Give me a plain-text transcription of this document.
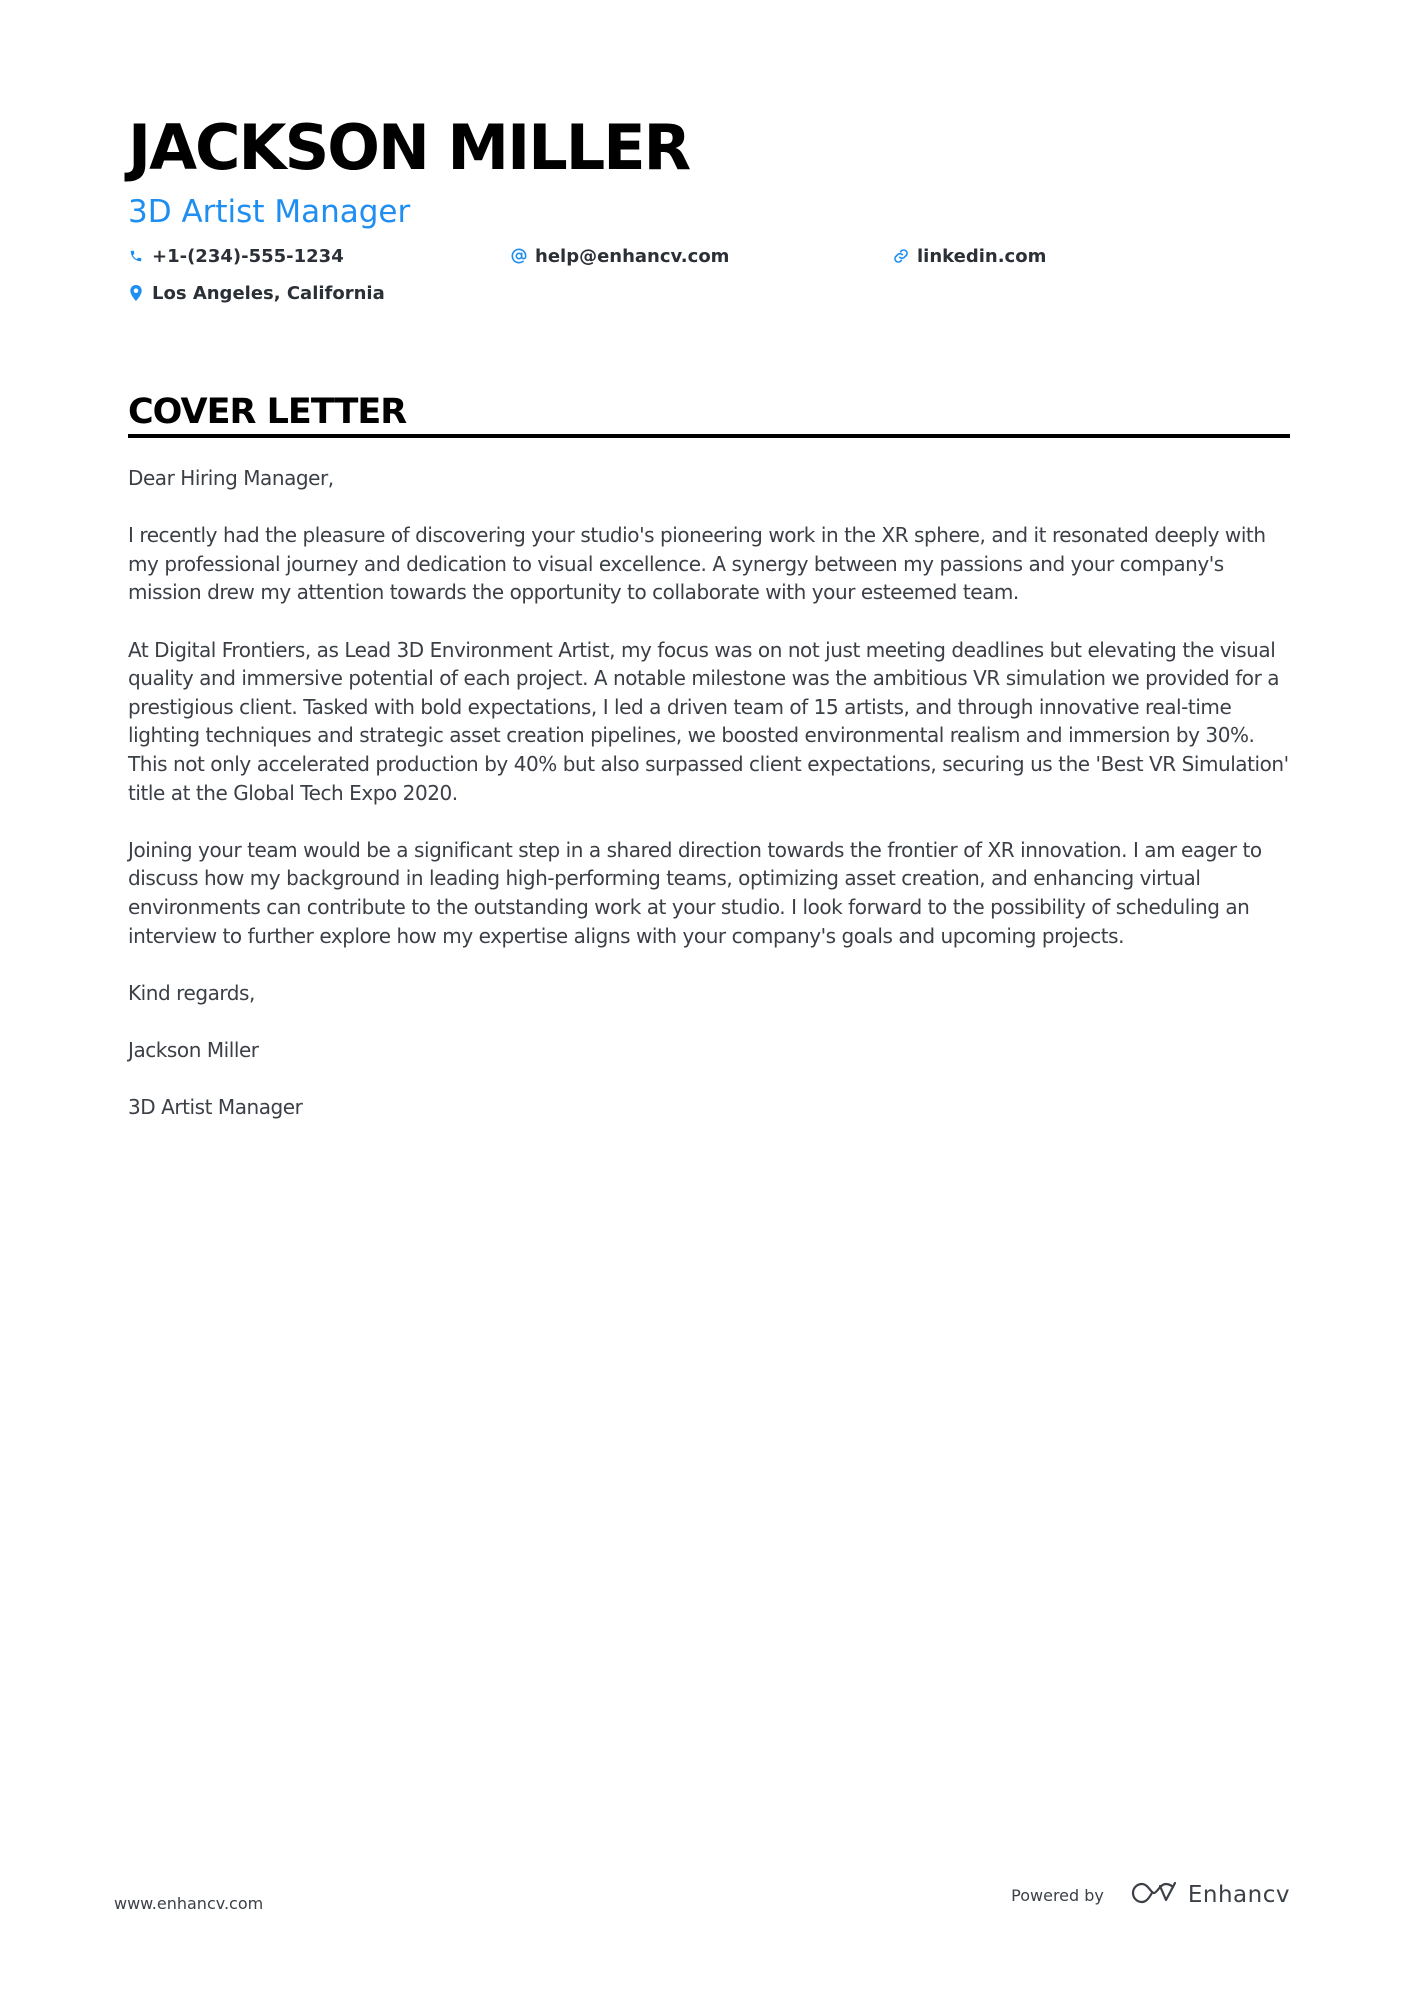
JACKSON MILLER
3D Artist Manager
+1-(234)-555-1234	help@enhancv.com	linkedin.com
Los Angeles, California
COVER LETTER

Dear Hiring Manager,

I recently had the pleasure of discovering your studio's pioneering work in the XR sphere, and it resonated deeply with my professional journey and dedication to visual excellence. A synergy between my passions and your company's mission drew my attention towards the opportunity to collaborate with your esteemed team.

At Digital Frontiers, as Lead 3D Environment Artist, my focus was on not just meeting deadlines but elevating the visual quality and immersive potential of each project. A notable milestone was the ambitious VR simulation we provided for a prestigious client. Tasked with bold expectations, I led a driven team of 15 artists, and through innovative real-time lighting techniques and strategic asset creation pipelines, we boosted environmental realism and immersion by 30%. This not only accelerated production by 40% but also surpassed client expectations, securing us the 'Best VR Simulation' title at the Global Tech Expo 2020.

Joining your team would be a significant step in a shared direction towards the frontier of XR innovation. I am eager to discuss how my background in leading high-performing teams, optimizing asset creation, and enhancing virtual environments can contribute to the outstanding work at your studio. I look forward to the possibility of scheduling an interview to further explore how my expertise aligns with your company's goals and upcoming projects.

Kind regards,

Jackson Miller

3D Artist Manager

www.enhancv.com	Powered by	Enhancv
